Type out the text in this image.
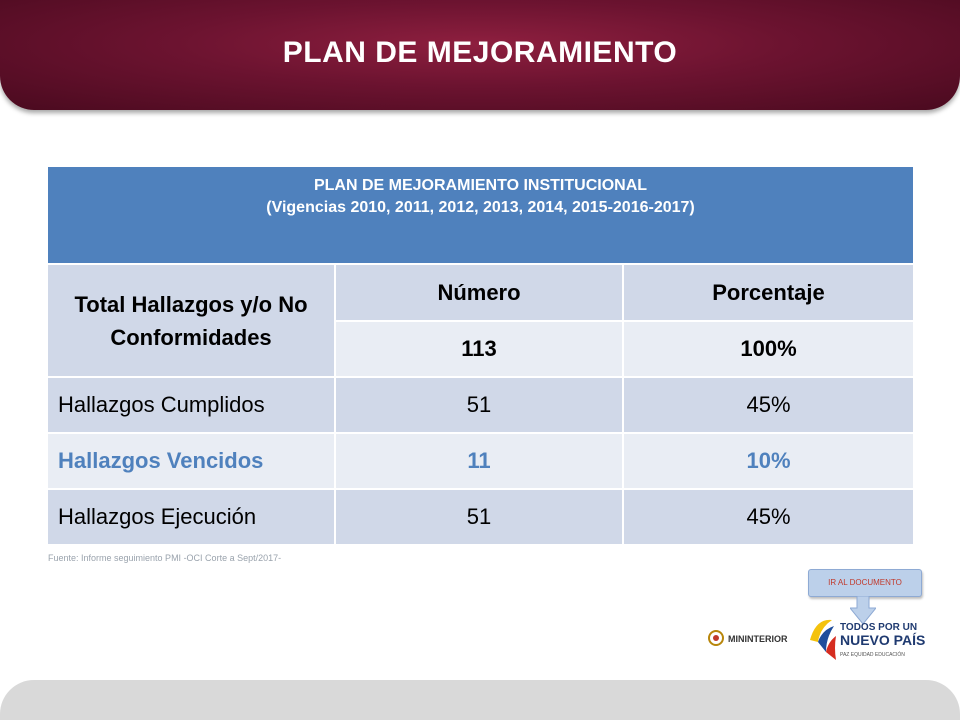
PLAN DE MEJORAMIENTO
PLAN DE MEJORAMIENTO INSTITUCIONAL
(Vigencias 2010, 2011, 2012, 2013, 2014, 2015-2016-2017)		

Total Hallazgos y/o No Conformidades	Número	Porcentaje
	113	100%
Hallazgos Cumplidos	51	45%
Hallazgos Vencidos	11	10%
Hallazgos Ejecución	51	45%
Fuente: Informe seguimiento PMI -OCI Corte a Sept/2017-
IR AL DOCUMENTO
MININTERIOR
TODOS POR UN
NUEVO PAÍS
PAZ EQUIDAD EDUCACIÓN
